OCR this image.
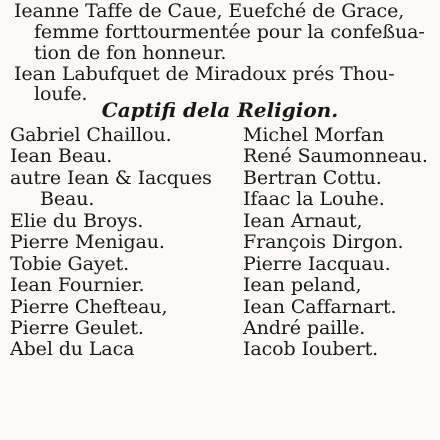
Ieanne Taffe de Caue, Euefché de Grace,
femme forttourmentée pour la confeßua-
tion de fon honneur.
Iean Labufquet de Miradoux prés Thou-
loufe.
Captifi dela Religion.
Gabriel Chaillou.
Iean Beau.
autre Iean & Iacques
Beau.
Elie du Broys.
Pierre Menigau.
Tobie Gayet.
Iean Fournier.
Pierre Chefteau,
Pierre Geulet.
Abel du Laca
Michel Morfan
René Saumonneau.
Bertran Cottu.
Ifaac la Louhe.
Iean Arnaut,
François Dirgon.
Pierre Iacquau.
Iean peland,
Iean Caffarnart.
André paille.
Iacob Ioubert.
